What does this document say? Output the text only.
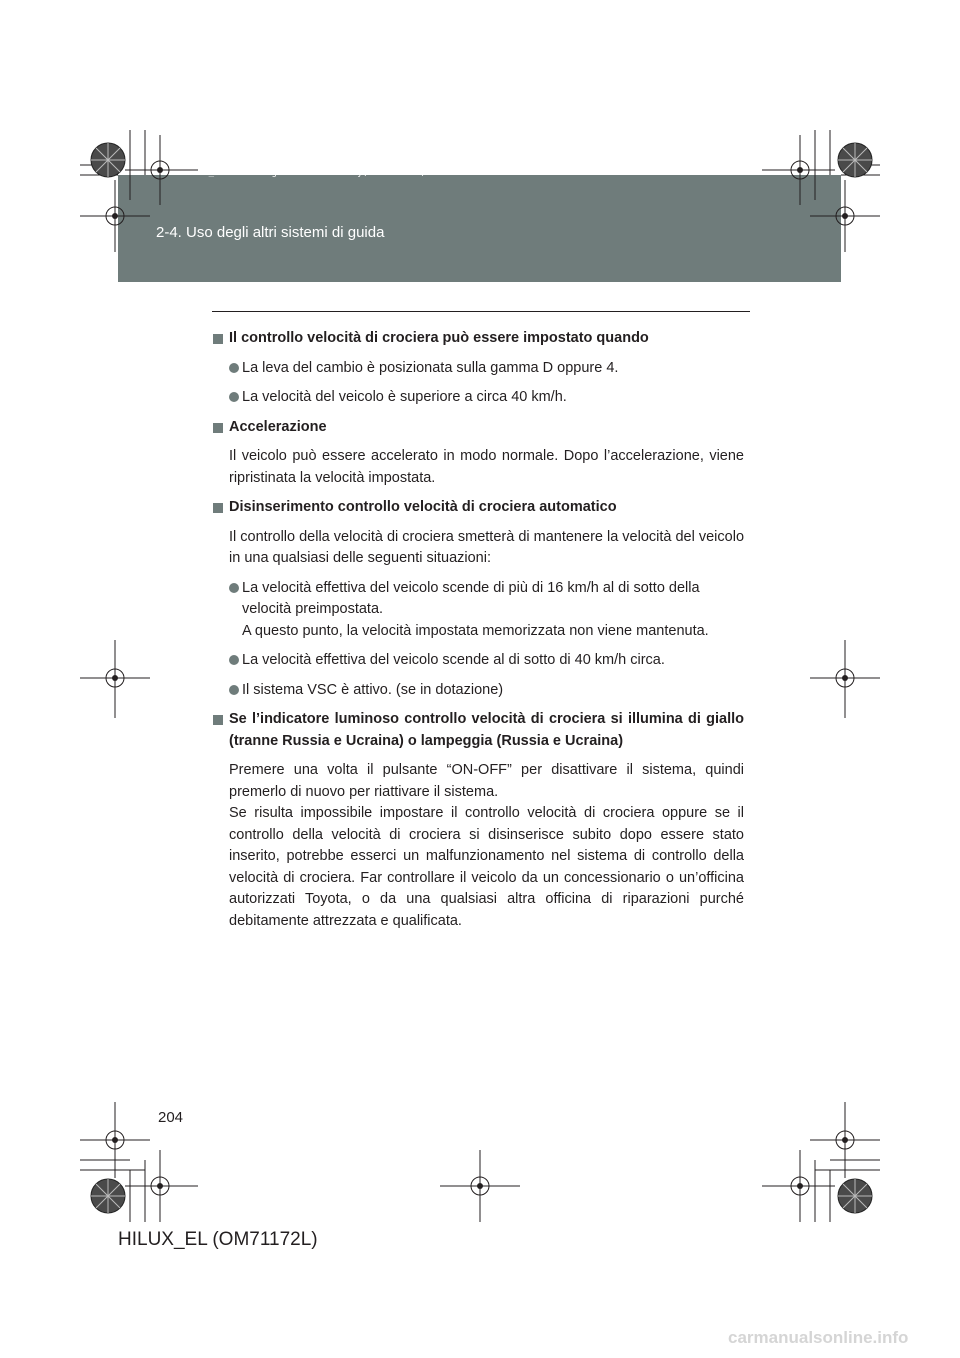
HILUX_EL.book Page 204 Wednesday, March 23, 2011 3:30 PM
2-4. Uso degli altri sistemi di guida
Il controllo velocità di crociera può essere impostato quando
La leva del cambio è posizionata sulla gamma D oppure 4.
La velocità del veicolo è superiore a circa 40 km/h.
Accelerazione
Il veicolo può essere accelerato in modo normale. Dopo l’accelerazione, viene ripristinata la velocità impostata.
Disinserimento controllo velocità di crociera automatico
Il controllo della velocità di crociera smetterà di mantenere la velocità del veicolo in una qualsiasi delle seguenti situazioni:
La velocità effettiva del veicolo scende di più di 16 km/h al di sotto della velocità preimpostata.
A questo punto, la velocità impostata memorizzata non viene mantenuta.
La velocità effettiva del veicolo scende al di sotto di 40 km/h circa.
Il sistema VSC è attivo. (se in dotazione)
Se l’indicatore luminoso controllo velocità di crociera si illumina di giallo (tranne Russia e Ucraina) o lampeggia (Russia e Ucraina)
Premere una volta il pulsante “ON-OFF” per disattivare il sistema, quindi premerlo di nuovo per riattivare il sistema.
Se risulta impossibile impostare il controllo velocità di crociera oppure se il controllo della velocità di crociera si disinserisce subito dopo essere stato inserito, potrebbe esserci un malfunzionamento nel sistema di controllo della velocità di crociera. Far controllare il veicolo da un concessionario o un’officina autorizzati Toyota, o da una qualsiasi altra officina di riparazioni purché debitamente attrezzata e qualificata.
204
HILUX_EL (OM71172L)
carmanualsonline.info
